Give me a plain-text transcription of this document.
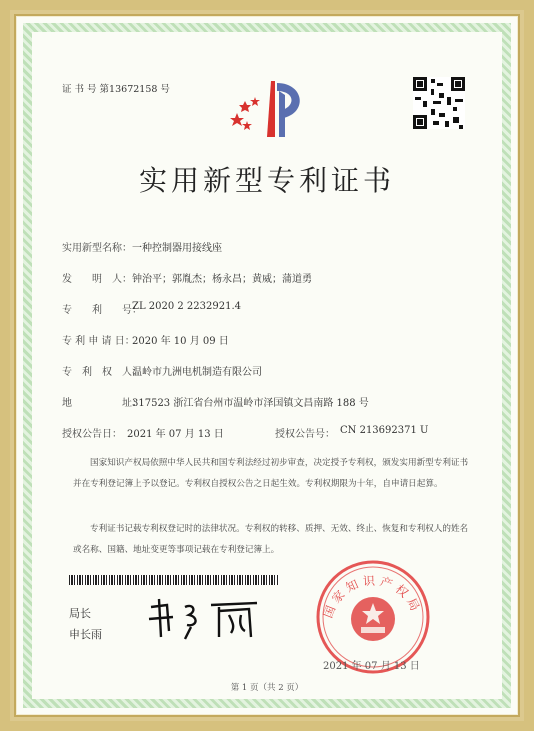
证 书 号 第13672158 号
实用新型专利证书
实用新型名称： 一种控制器用接线座
发　　明　人： 钟治平；郭胤杰；杨永昌；黄威；蒲道勇
专　　利　　号：
ZL 2020 2 2232921.4
专 利 申 请 日：
2020 年 10 月 09 日
专　利　权　人：
温岭市九洲电机制造有限公司
地　　　　　址：
317523 浙江省台州市温岭市泽国镇文昌南路 188 号
授权公告日： 2021 年 07 月 13 日	授权公告号： CN 213692371 U
国家知识产权局依照中华人民共和国专利法经过初步审查，决定授予专利权，颁发实用新型专利证书并在专利登记簿上予以登记。专利权自授权公告之日起生效。专利权期限为十年，自申请日起算。
专利证书记载专利权登记时的法律状况。专利权的转移、质押、无效、终止、恢复和专利权人的姓名或名称、国籍、地址变更等事项记载在专利登记簿上。
局长
申长雨
国家知识产权局
2021 年 07 月 13 日
第 1 页（共 2 页）
